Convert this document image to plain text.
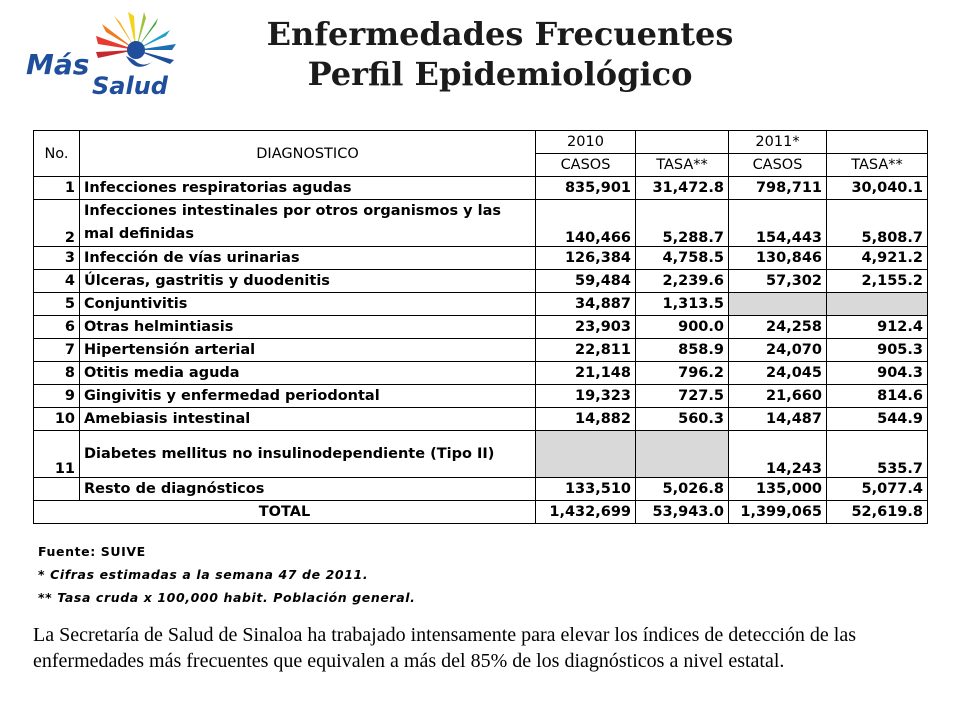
Más
Salud
Enfermedades Frecuentes
Perfil Epidemiológico
No.	DIAGNOSTICO	2010		2011*	
		CASOS	TASA**	CASOS	TASA**
1	Infecciones respiratorias agudas	835,901	31,472.8	798,711	30,040.1
2	Infecciones intestinales por otros organismos y las mal definidas	140,466	5,288.7	154,443	5,808.7
3	Infección de vías urinarias	126,384	4,758.5	130,846	4,921.2
4	Úlceras, gastritis y duodenitis	59,484	2,239.6	57,302	2,155.2
5	Conjuntivitis	34,887	1,313.5		
6	Otras helmintiasis	23,903	900.0	24,258	912.4
7	Hipertensión arterial	22,811	858.9	24,070	905.3
8	Otitis media aguda	21,148	796.2	24,045	904.3
9	Gingivitis y enfermedad periodontal	19,323	727.5	21,660	814.6
10	Amebiasis intestinal	14,882	560.3	14,487	544.9
11	Diabetes mellitus no insulinodependiente (Tipo II)			14,243	535.7
	Resto de diagnósticos	133,510	5,026.8	135,000	5,077.4
TOTAL		1,432,699	53,943.0	1,399,065	52,619.8
Fuente: SUIVE
* Cifras estimadas a la semana 47 de 2011.
** Tasa cruda x 100,000 habit. Población general.
La Secretaría de Salud de Sinaloa ha trabajado intensamente para elevar los índices de detección de las enfermedades más frecuentes que equivalen a más del 85% de los diagnósticos a nivel estatal.
